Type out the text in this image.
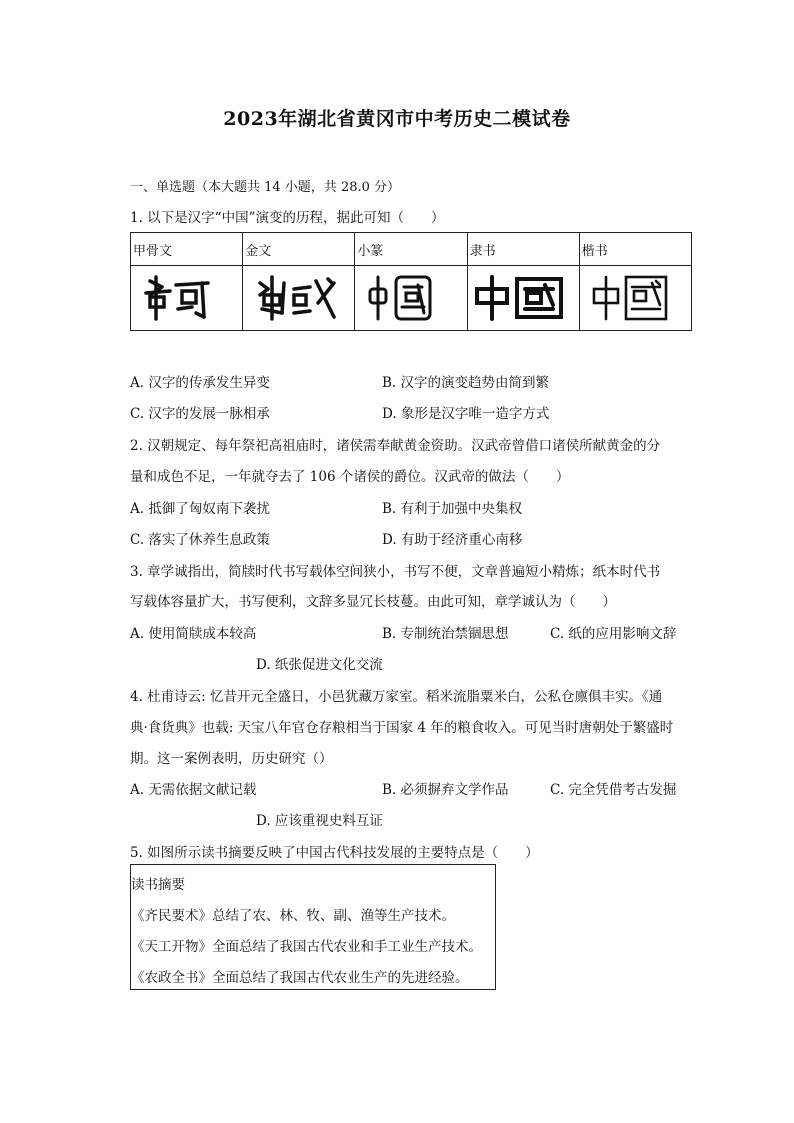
2023年湖北省黄冈市中考历史二模试卷
一、单选题（本大题共 14 小题，共 28.0 分）
1. 以下是汉字“中国”演变的历程，据此可知（　　）
甲骨文	金文	小篆	隶书	楷书

A. 汉字的传承发生异变	B. 汉字的演变趋势由简到繁
C. 汉字的发展一脉相承	D. 象形是汉字唯一造字方式
2. 汉朝规定、每年祭祀高祖庙时，诸侯需奉献黄金资助。汉武帝曾借口诸侯所献黄金的分
量和成色不足，一年就夺去了 106 个诸侯的爵位。汉武帝的做法（　　）
A. 抵御了匈奴南下袭扰	B. 有利于加强中央集权
C. 落实了休养生息政策	D. 有助于经济重心南移
3. 章学诚指出，简牍时代书写载体空间狭小，书写不便，文章普遍短小精炼；纸本时代书
写载体容量扩大，书写便利，文辞多显冗长枝蔓。由此可知，章学诚认为（　　）
A. 使用简牍成本较高	B. 专制统治禁锢思想	C. 纸的应用影响文辞
D. 纸张促进文化交流
4. 杜甫诗云: 忆昔开元全盛日，小邑犹藏万家室。稻米流脂粟米白，公私仓廪俱丰实。《通
典·食货典》也载: 天宝八年官仓存粮相当于国家 4 年的粮食收入。可见当时唐朝处于繁盛时
期。这一案例表明，历史研究（）
A. 无需依据文献记载	B. 必须摒弃文学作品	C. 完全凭借考古发掘
D. 应该重视史料互证
5. 如图所示读书摘要反映了中国古代科技发展的主要特点是（　　）
读书摘要
《齐民要术》总结了农、林、牧、副、渔等生产技术。
《天工开物》全面总结了我国古代农业和手工业生产技术。
《农政全书》全面总结了我国古代农业生产的先进经验。
